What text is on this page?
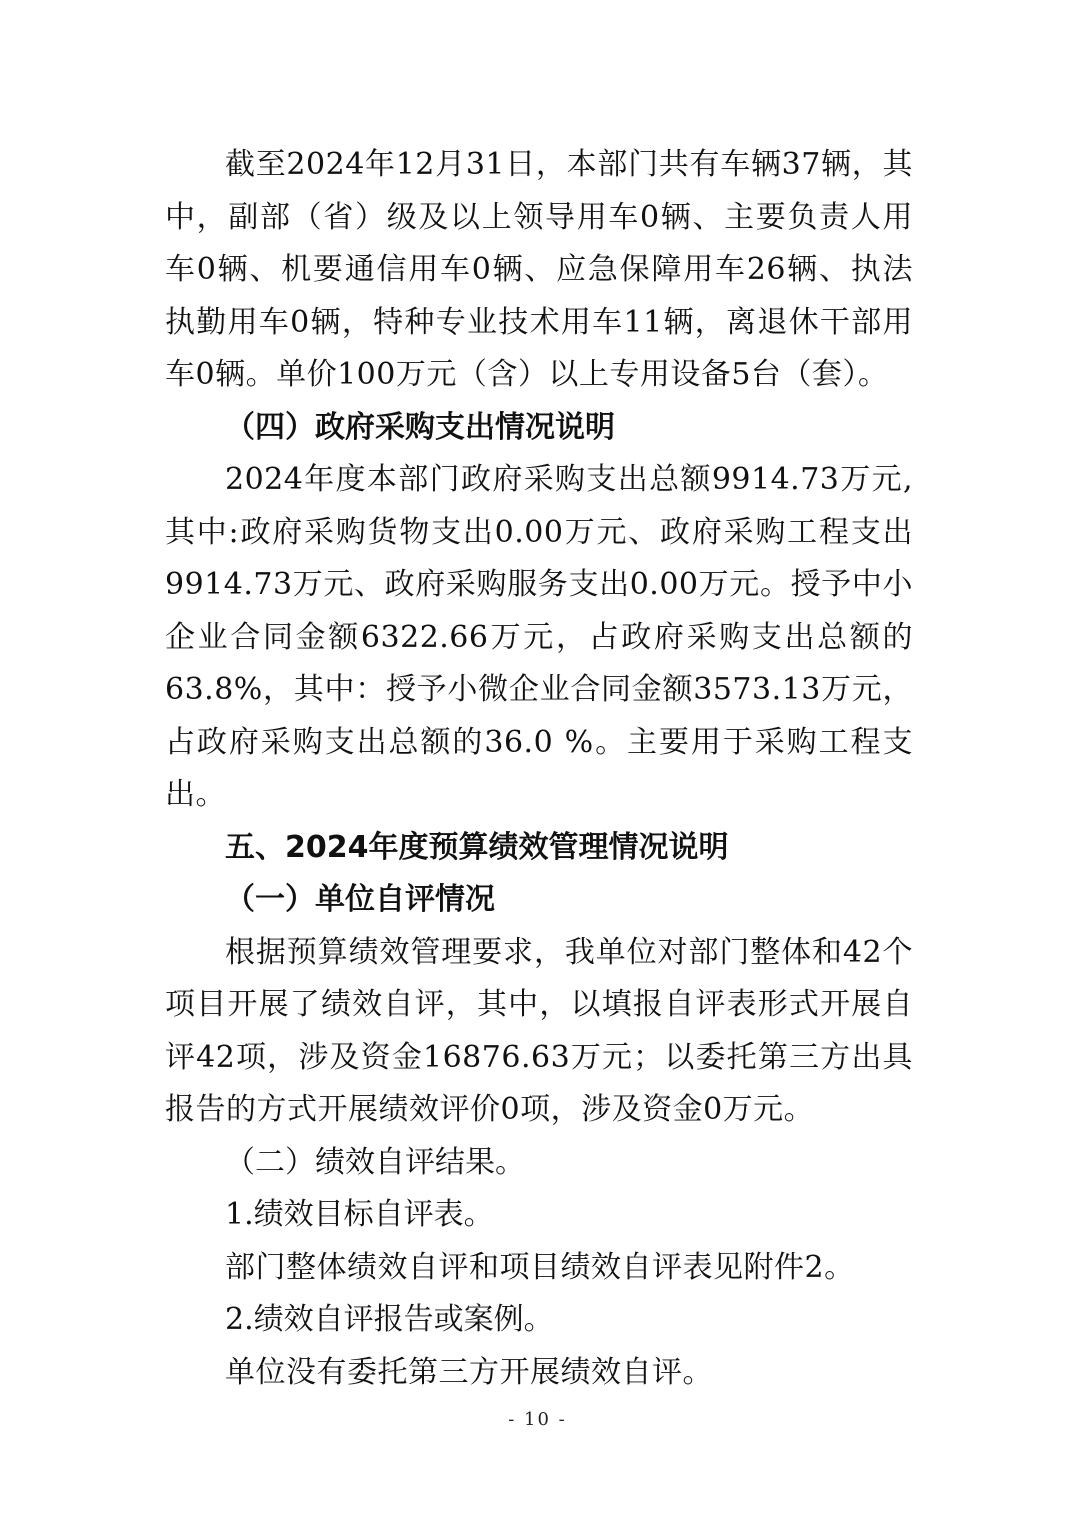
截至2024年12月31日，本部门共有车辆37辆，其中，副部（省）级及以上领导用车0辆、主要负责人用车0辆、机要通信用车0辆、应急保障用车26辆、执法执勤用车0辆，特种专业技术用车11辆，离退休干部用车0辆。单价100万元（含）以上专用设备5台（套）。

（四）政府采购支出情况说明

2024年度本部门政府采购支出总额9914.73万元,其中:政府采购货物支出0.00万元、政府采购工程支出9914.73万元、政府采购服务支出0.00万元。授予中小企业合同金额6322.66万元，占政府采购支出总额的63.8%，其中：授予小微企业合同金额3573.13万元，占政府采购支出总额的36.0 %。主要用于采购工程支出。

五、2024年度预算绩效管理情况说明

（一）单位自评情况

根据预算绩效管理要求，我单位对部门整体和42个项目开展了绩效自评，其中，以填报自评表形式开展自评42项，涉及资金16876.63万元；以委托第三方出具报告的方式开展绩效评价0项，涉及资金0万元。

（二）绩效自评结果。

1.绩效目标自评表。

部门整体绩效自评和项目绩效自评表见附件2。

2.绩效自评报告或案例。

单位没有委托第三方开展绩效自评。

- 10 -
